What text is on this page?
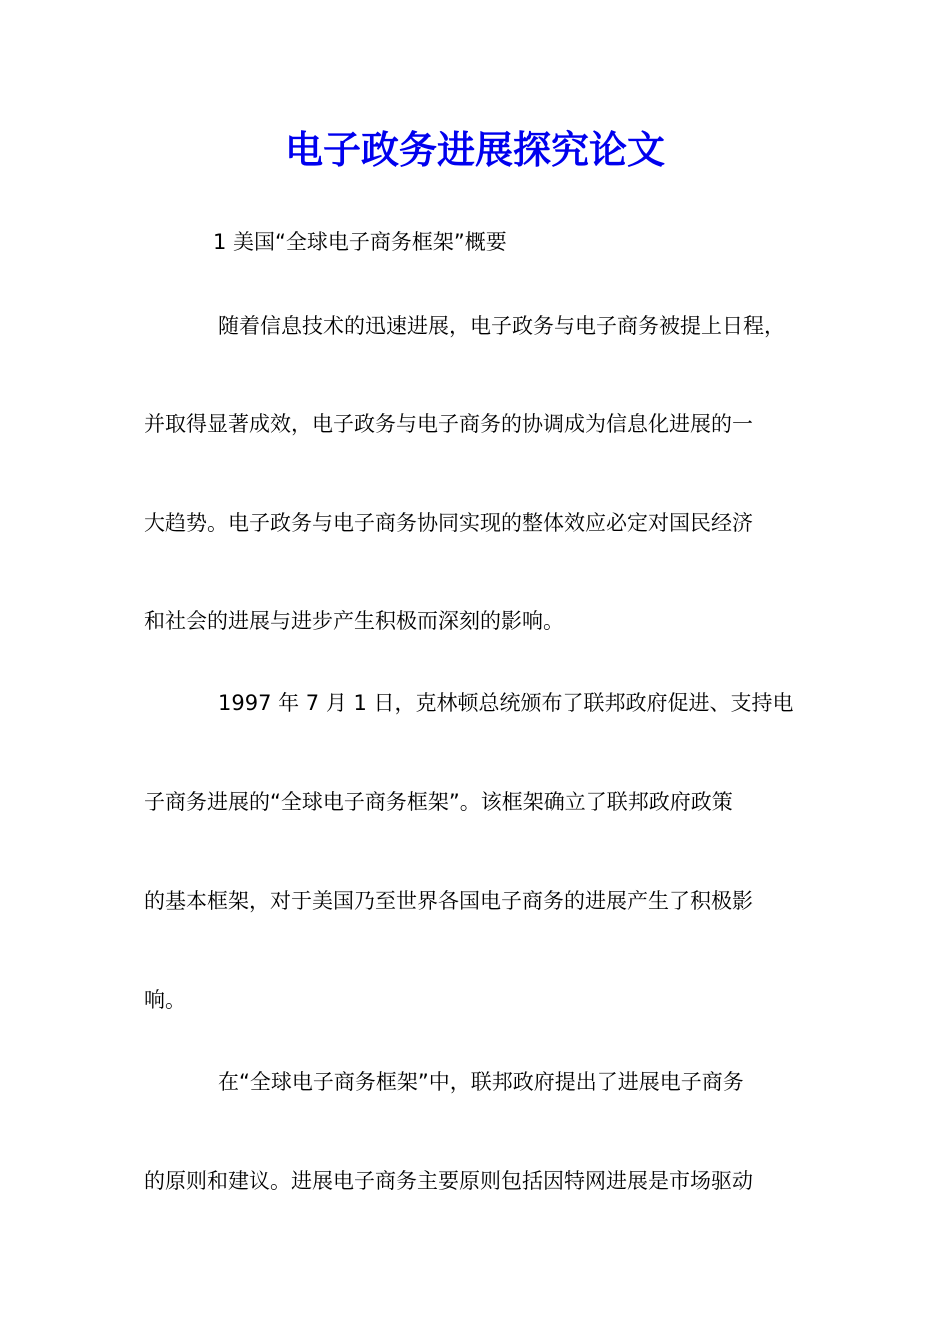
电子政务进展探究论文

1 美国“全球电子商务框架”概要

随着信息技术的迅速进展，电子政务与电子商务被提上日程，

并取得显著成效，电子政务与电子商务的协调成为信息化进展的一

大趋势。电子政务与电子商务协同实现的整体效应必定对国民经济

和社会的进展与进步产生积极而深刻的影响。

1997 年 7 月 1 日，克林顿总统颁布了联邦政府促进、支持电

子商务进展的“全球电子商务框架”。该框架确立了联邦政府政策

的基本框架，对于美国乃至世界各国电子商务的进展产生了积极影

响。

在“全球电子商务框架”中，联邦政府提出了进展电子商务

的原则和建议。进展电子商务主要原则包括因特网进展是市场驱动
